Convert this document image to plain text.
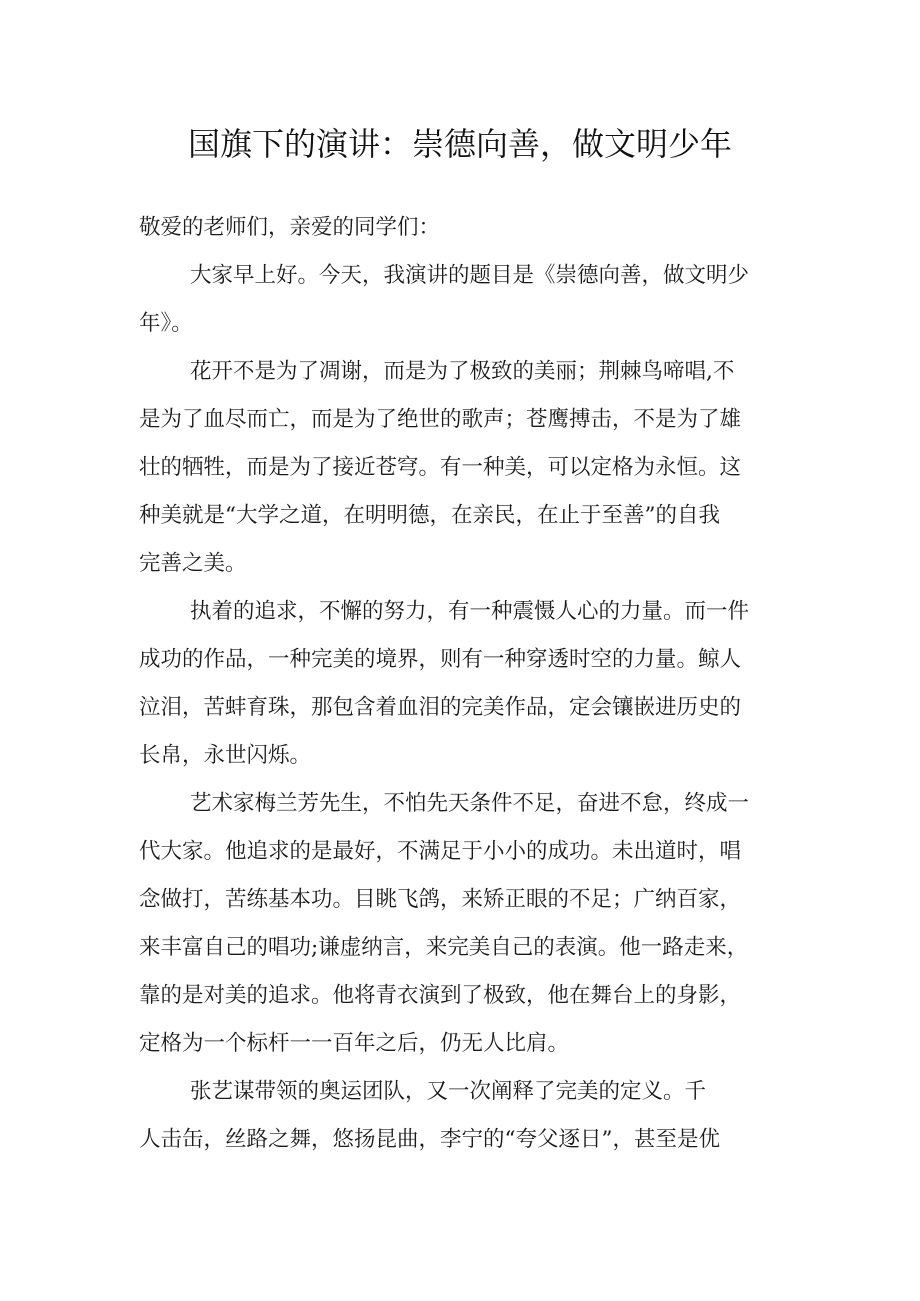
国旗下的演讲：崇德向善，做文明少年

敬爱的老师们，亲爱的同学们：

大家早上好。今天，我演讲的题目是《崇德向善，做文明少

年》。

花开不是为了凋谢，而是为了极致的美丽；荆棘鸟啼唱,不

是为了血尽而亡，而是为了绝世的歌声；苍鹰搏击，不是为了雄

壮的牺牲，而是为了接近苍穹。有一种美，可以定格为永恒。这

种美就是“大学之道，在明明德，在亲民，在止于至善”的自我

完善之美。

执着的追求，不懈的努力，有一种震慑人心的力量。而一件

成功的作品，一种完美的境界，则有一种穿透时空的力量。鲸人

泣泪，苦蚌育珠，那包含着血泪的完美作品，定会镶嵌进历史的

长帛，永世闪烁。

艺术家梅兰芳先生，不怕先天条件不足，奋进不怠，终成一

代大家。他追求的是最好，不满足于小小的成功。未出道时，唱

念做打，苦练基本功。目眺飞鸽，来矫正眼的不足；广纳百家，

来丰富自己的唱功;谦虚纳言，来完美自己的表演。他一路走来，

靠的是对美的追求。他将青衣演到了极致，他在舞台上的身影，

定格为一个标杆一一百年之后，仍无人比肩。

张艺谋带领的奥运团队，又一次阐释了完美的定义。千

人击缶，丝路之舞，悠扬昆曲，李宁的“夸父逐日”，甚至是优
